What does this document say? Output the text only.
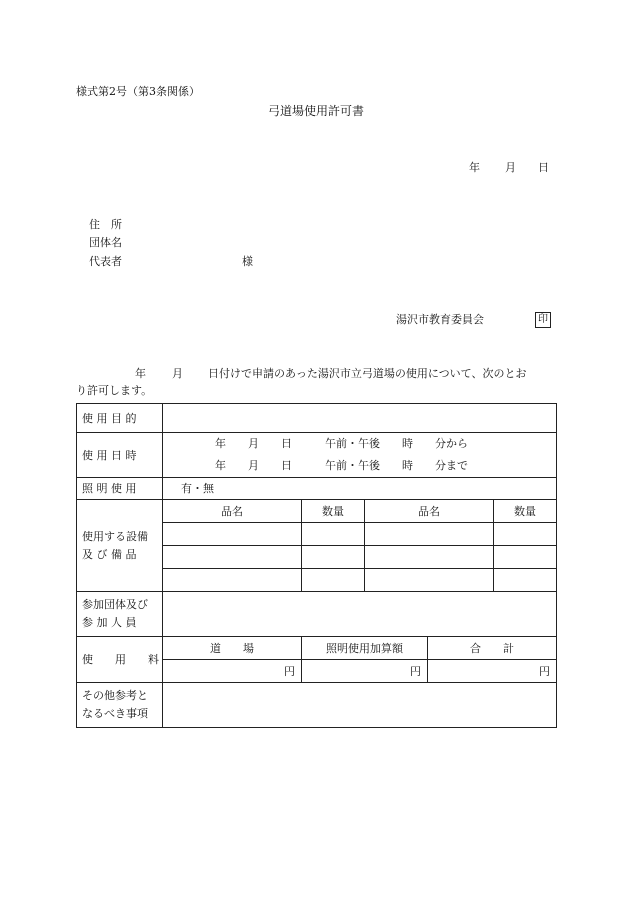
様式第2号（第3条関係）
弓道場使用許可書
年 月 日
住　所
団体名
代表者	様
湯沢市教育委員会	印
年 月 日付けで申請のあった湯沢市立弓道場の使用について、次のとお
り許可します。
使 用 目 的					
使 用 日 時	年　　月　　日　　　午前・午後　　時　　分から				
	年　　月　　日　　　午前・午後　　時　　分まで				
照 明 使 用	有・無				

使用する設備
及 び 備 品	品名	数量	品名		数量

参加団体及び
参 加 人 員					

使　　用　　料	道　　場	照明使用加算額		合　　計	
	円	円		円	

その他参考と
なるべき事項					
